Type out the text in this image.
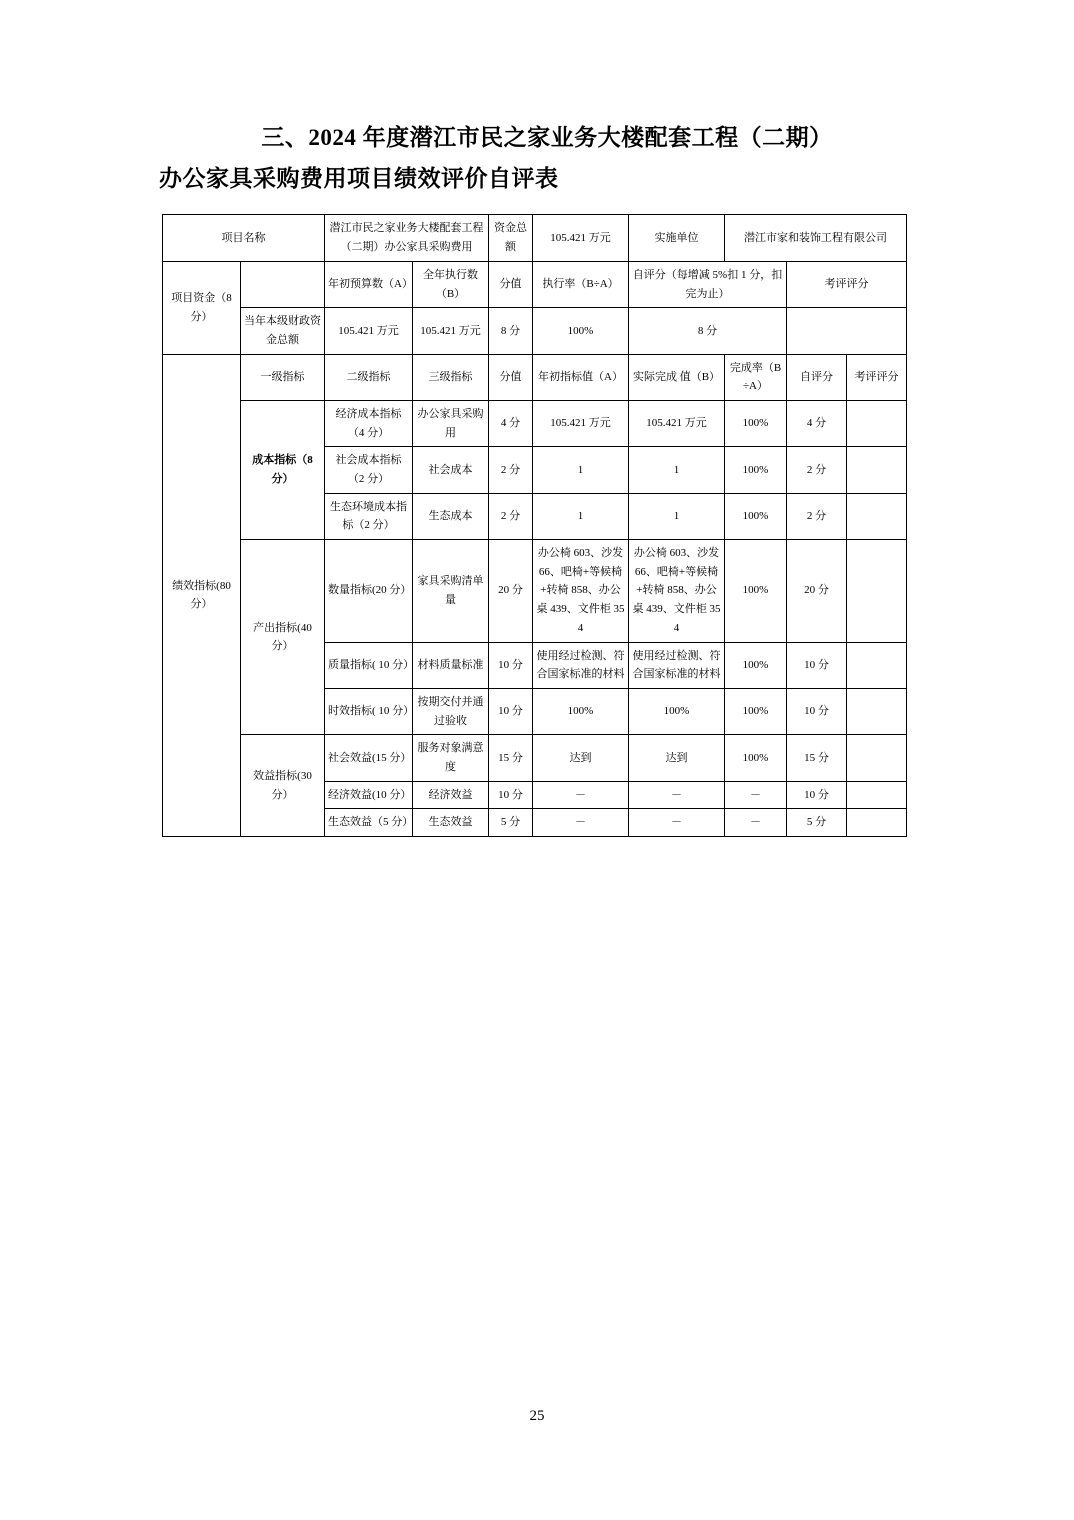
三、2024 年度潜江市民之家业务大楼配套工程（二期）
办公家具采购费用项目绩效评价自评表
项目名称		潜江市民之家业务大楼配套工程（二期）办公家具采购费用		资金总额	105.421 万元	实施单位	潜江市家和装饰工程有限公司		
项目资金（8分）		年初预算数（A）	全年执行数（B）	分值	执行率（B÷A）	自评分（每增减 5%扣 1 分，扣完为止）		考评评分	
	当年本级财政资金总额	105.421 万元	105.421 万元	8 分	100%	8 分			
绩效指标(80 分）	一级指标	二级指标	三级指标	分值	年初指标值（A）	实际完成 值（B）	完成率（B÷A）	自评分	考评评分
	成本指标（8 分）	经济成本指标（4 分）	办公家具采购用	4 分	105.421 万元	105.421 万元	100%	4 分	
		社会成本指标（2 分）	社会成本	2 分	1	1	100%	2 分	
		生态环境成本指标（2 分）	生态成本	2 分	1	1	100%	2 分	
	产出指标(40 分）	数量指标(20 分）	家具采购清单量	20 分	办公椅 603、沙发 66、吧椅+等候椅+转椅 858、办公桌 439、文件柜 354	办公椅 603、沙发 66、吧椅+等候椅+转椅 858、办公桌 439、文件柜 354	100%	20 分	
		质量指标( 10 分）	材料质量标准	10 分	使用经过检测、符合国家标准的材料	使用经过检测、符合国家标准的材料	100%	10 分	
		时效指标( 10 分）	按期交付并通过验收	10 分	100%	100%	100%	10 分	
	效益指标(30 分）	社会效益(15 分）	服务对象满意度	15 分	达到	达到	100%	15 分	
		经济效益(10 分）	经济效益	10 分	－	－	－	10 分	
		生态效益（5 分）	生态效益	5 分	－	－	－	5 分	
25
